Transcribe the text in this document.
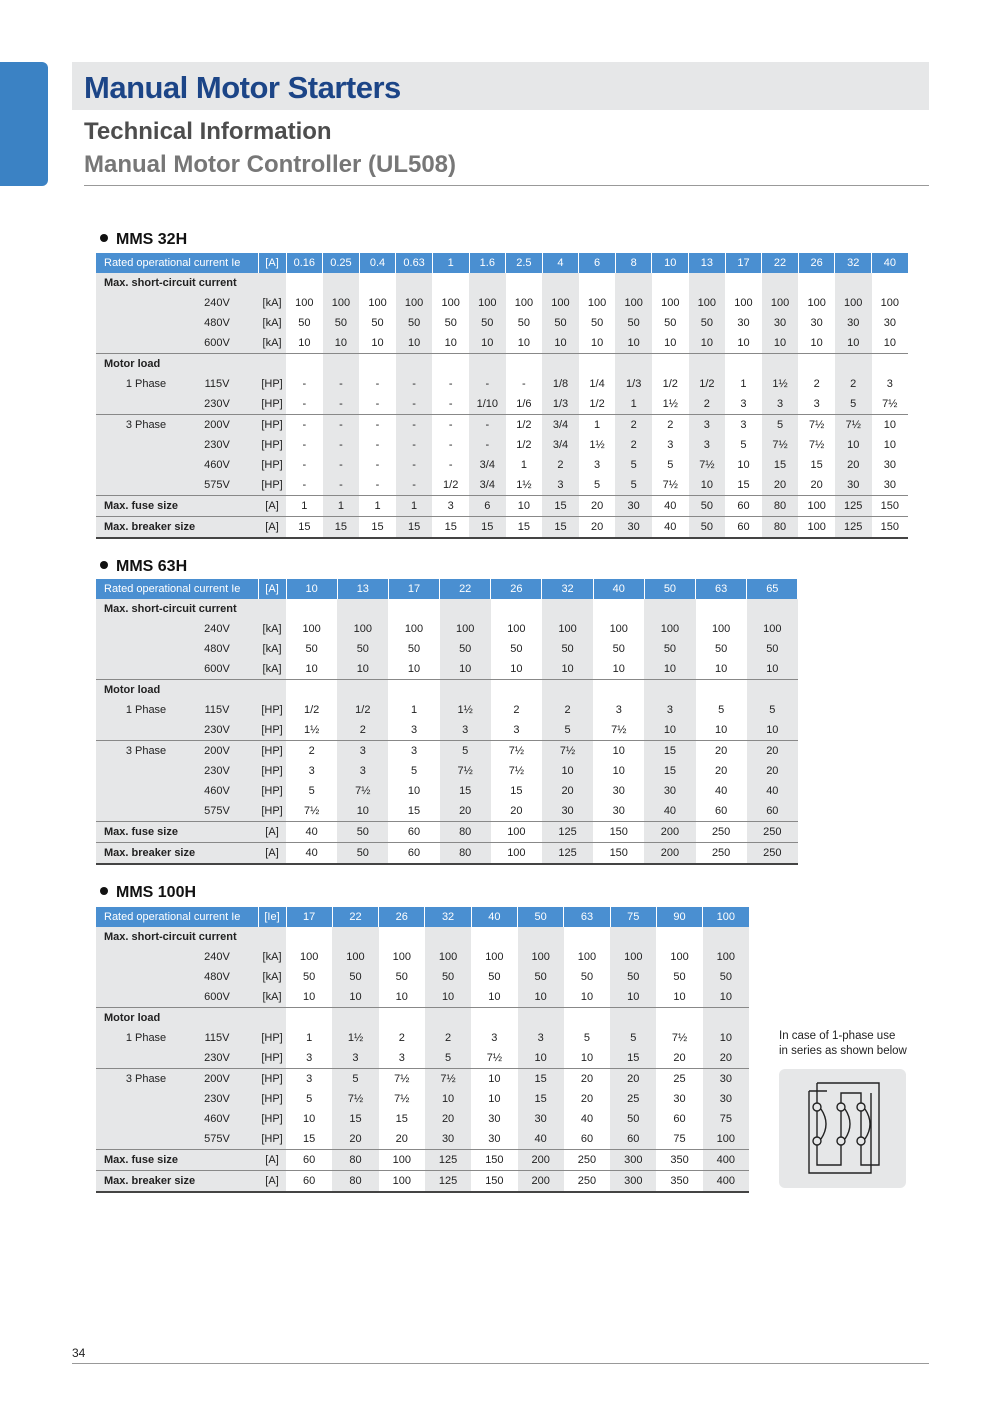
Manual Motor Starters
Technical Information
Manual Motor Controller (UL508)

MMS 32H

Rated operational current Ie			[A]	0.16	0.25	0.4	0.63	1	1.6	2.5	4	6	8	10	13	17	22	26	32	40
Max. short-circuit current																				
		240V	[kA]	100	100	100	100	100	100	100	100	100	100	100	100	100	100	100	100	100
		480V	[kA]	50	50	50	50	50	50	50	50	50	50	50	50	30	30	30	30	30
		600V	[kA]	10	10	10	10	10	10	10	10	10	10	10	10	10	10	10	10	10
Motor load																				
	1 Phase	115V	[HP]	-	-	-	-	-	-	-	1/8	1/4	1/3	1/2	1/2	1	1½	2	2	3
		230V	[HP]	-	-	-	-	-	1/10	1/6	1/3	1/2	1	1½	2	3	3	3	5	7½
	3 Phase	200V	[HP]	-	-	-	-	-	-	1/2	3/4	1	2	2	3	3	5	7½	7½	10
		230V	[HP]	-	-	-	-	-	-	1/2	3/4	1½	2	3	3	5	7½	7½	10	10
		460V	[HP]	-	-	-	-	-	3/4	1	2	3	5	5	7½	10	15	15	20	30
		575V	[HP]	-	-	-	-	1/2	3/4	1½	3	5	5	7½	10	15	20	20	30	30
Max. fuse size			[A]	1	1	1	1	3	6	10	15	20	30	40	50	60	80	100	125	150
Max. breaker size			[A]	15	15	15	15	15	15	15	15	20	30	40	50	60	80	100	125	150

MMS 63H

Rated operational current Ie			[A]	10	13	17	22	26	32	40	50	63	65
Max. short-circuit current													
		240V	[kA]	100	100	100	100	100	100	100	100	100	100
		480V	[kA]	50	50	50	50	50	50	50	50	50	50
		600V	[kA]	10	10	10	10	10	10	10	10	10	10
Motor load													
	1 Phase	115V	[HP]	1/2	1/2	1	1½	2	2	3	3	5	5
		230V	[HP]	1½	2	3	3	3	5	7½	10	10	10
	3 Phase	200V	[HP]	2	3	3	5	7½	7½	10	15	20	20
		230V	[HP]	3	3	5	7½	7½	10	10	15	20	20
		460V	[HP]	5	7½	10	15	15	20	30	30	40	40
		575V	[HP]	7½	10	15	20	20	30	30	40	60	60
Max. fuse size			[A]	40	50	60	80	100	125	150	200	250	250
Max. breaker size			[A]	40	50	60	80	100	125	150	200	250	250

MMS 100H

Rated operational current Ie			[Ie]	17	22	26	32	40	50	63	75	90	100
Max. short-circuit current													
		240V	[kA]	100	100	100	100	100	100	100	100	100	100
		480V	[kA]	50	50	50	50	50	50	50	50	50	50
		600V	[kA]	10	10	10	10	10	10	10	10	10	10
Motor load													
	1 Phase	115V	[HP]	1	1½	2	2	3	3	5	5	7½	10
		230V	[HP]	3	3	3	5	7½	10	10	15	20	20
	3 Phase	200V	[HP]	3	5	7½	7½	10	15	20	20	25	30
		230V	[HP]	5	7½	7½	10	10	15	20	25	30	30
		460V	[HP]	10	15	15	20	30	30	40	50	60	75
		575V	[HP]	15	20	20	30	30	40	60	60	75	100
Max. fuse size			[A]	60	80	100	125	150	200	250	300	350	400
Max. breaker size			[A]	60	80	100	125	150	200	250	300	350	400

In case of 1-phase use
in series as shown below

34
